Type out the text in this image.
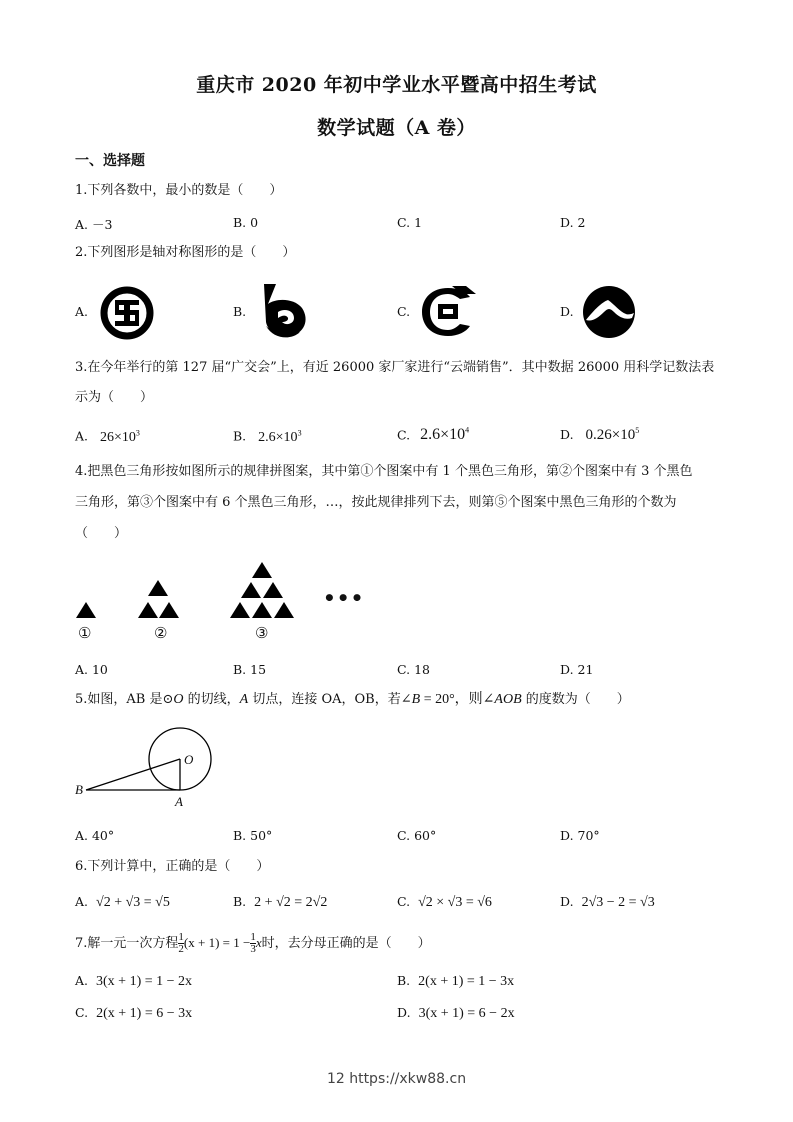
重庆市 2020 年初中学业水平暨高中招生考试
数学试题（A 卷）
一、选择题
1.下列各数中，最小的数是（　　）
A. －3	B. 0	C. 1	D. 2
2.下列图形是轴对称图形的是（　　）
A.	B.	C.	D.
3.在今年举行的第 127 届“广交会”上，有近 26000 家厂家进行“云端销售”．其中数据 26000 用科学记数法表
示为（　　）
A. $26\times 10^3$	B. $2.6\times 10^3$	C. $2.6\times 10^4$	D. $0.26\times 10^5$
4.把黑色三角形按如图所示的规律拼图案，其中第①个图案中有 1 个黑色三角形，第②个图案中有 3 个黑色
三角形，第③个图案中有 6 个黑色三角形，…，按此规律排列下去，则第⑤个图案中黑色三角形的个数为
（　　）
•••
①	②	③
A. 10	B. 15	C. 18	D. 21
5.如图，AB 是⊙O 的切线，A 切点，连接 OA，OB，若∠B = 20°，则∠AOB 的度数为（　　）
O
B
A
A. 40°	B. 50°	C. 60°	D. 70°
6.下列计算中，正确的是（　　）
A. √2 + √3 = √5	B. 2 + √2 = 2√2	C. √2 × √3 = √6	D. 2√3 − 2 = √3
7.解一元一次方程 $\frac{1}{2} (x + 1) = 1 - \frac{1}{3}$ x时，去分母正确的是（　　）
A. 3(x + 1) = 1 − 2x	B. 2(x + 1) = 1 − 3x
C. 2(x + 1) = 6 − 3x	D. 3(x + 1) = 6 − 2x
12 https://xkw88.cn
